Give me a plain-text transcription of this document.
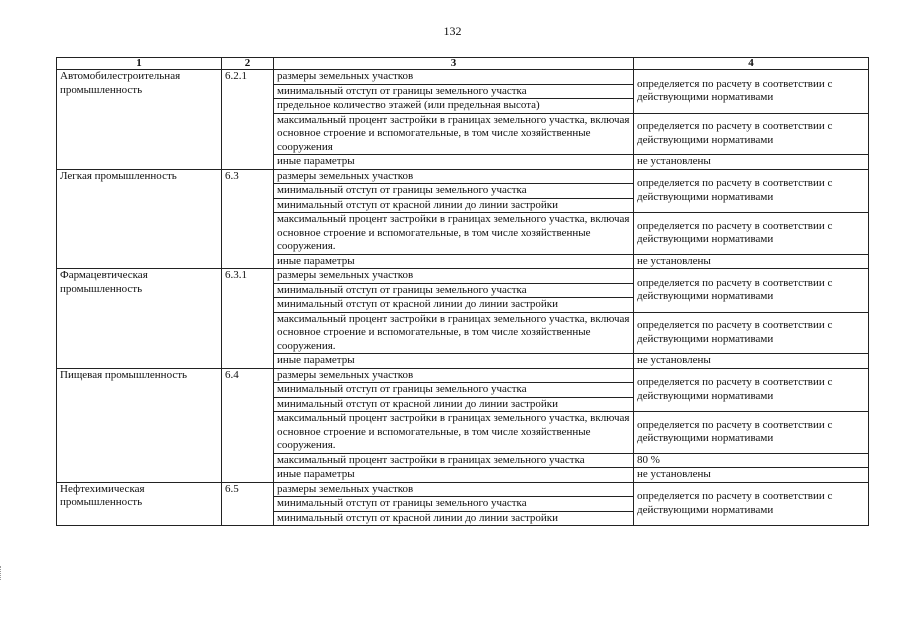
132
1	2	3	4
Автомобилестроительная промышленность	6.2.1	размеры земельных участков	определяется по расчету в соответствии с действующими нормативами
		минимальный отступ от границы земельного участка	
		предельное количество этажей (или предельная высота)	
		максимальный процент застройки в границах земельного участка, включая основное строение и вспомогательные, в том числе хозяйственные сооружения	определяется по расчету в соответствии с действующими нормативами
		иные параметры	не установлены
Легкая промышленность	6.3	размеры земельных участков	определяется по расчету в соответствии с действующими нормативами
		минимальный отступ от границы земельного участка	
		минимальный отступ от красной линии до линии застройки	
		максимальный процент застройки в границах земельного участка, включая основное строение и вспомогательные, в том числе хозяйственные сооружения.	определяется по расчету в соответствии с действующими нормативами
		иные параметры	не установлены
Фармацевтическая промышленность	6.3.1	размеры земельных участков	определяется по расчету в соответствии с действующими нормативами
		минимальный отступ от границы земельного участка	
		минимальный отступ от красной линии до линии застройки	
		максимальный процент застройки в границах земельного участка, включая основное строение и вспомогательные, в том числе хозяйственные сооружения.	определяется по расчету в соответствии с действующими нормативами
		иные параметры	не установлены
Пищевая промышленность	6.4	размеры земельных участков	определяется по расчету в соответствии с действующими нормативами
		минимальный отступ от границы земельного участка	
		минимальный отступ от красной линии до линии застройки	
		максимальный процент застройки в границах земельного участка, включая основное строение и вспомогательные, в том числе хозяйственные сооружения.	определяется по расчету в соответствии с действующими нормативами
		максимальный процент застройки в границах земельного участка	80 %
		иные параметры	не установлены
Нефтехимическая промышленность	6.5	размеры земельных участков	определяется по расчету в соответствии с действующими нормативами
		минимальный отступ от границы земельного участка	
		минимальный отступ от красной линии до линии застройки	
